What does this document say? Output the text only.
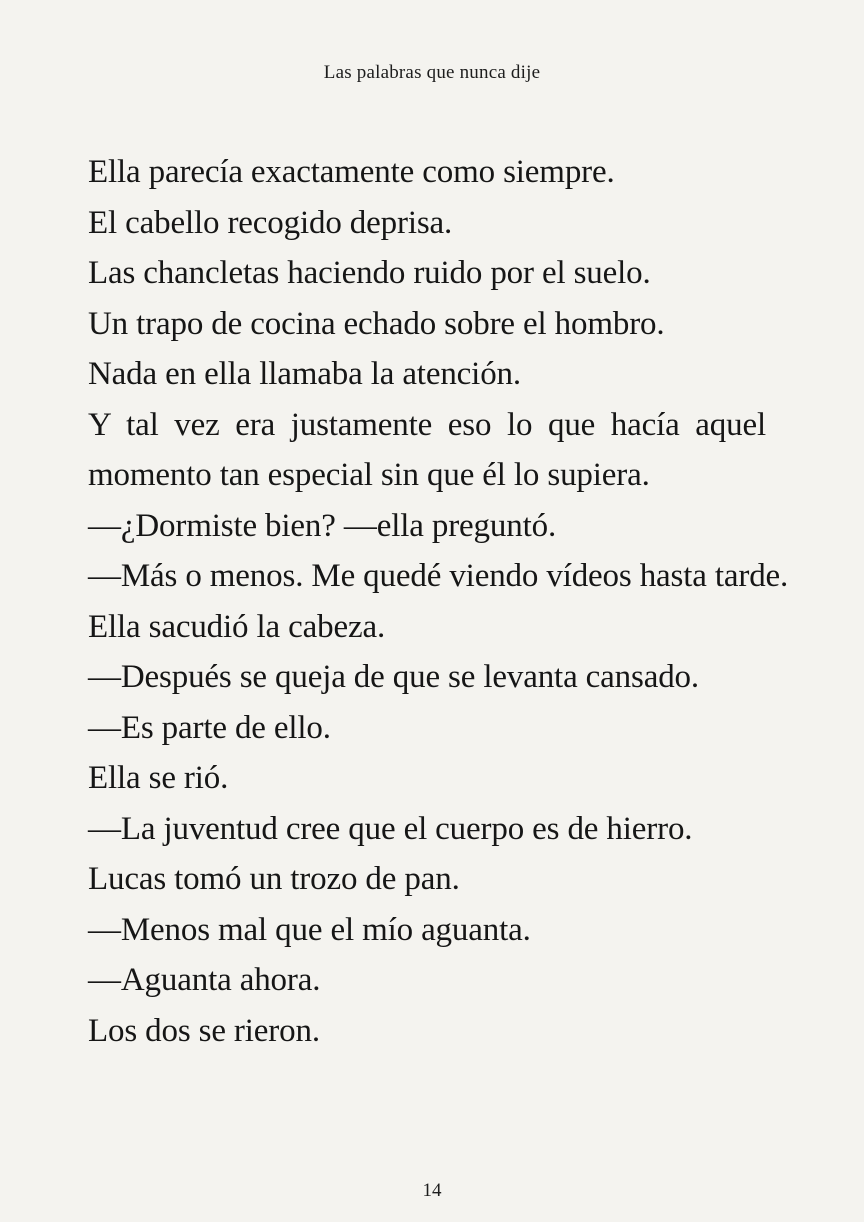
Las palabras que nunca dije
Ella parecía exactamente como siempre.
El cabello recogido deprisa.
Las chancletas haciendo ruido por el suelo.
Un trapo de cocina echado sobre el hombro.
Nada en ella llamaba la atención.
Y tal vez era justamente eso lo que hacía aquel
momento tan especial sin que él lo supiera.
—¿Dormiste bien? —ella preguntó.
—Más o menos. Me quedé viendo vídeos hasta tarde.
Ella sacudió la cabeza.
—Después se queja de que se levanta cansado.
—Es parte de ello.
Ella se rió.
—La juventud cree que el cuerpo es de hierro.
Lucas tomó un trozo de pan.
—Menos mal que el mío aguanta.
—Aguanta ahora.
Los dos se rieron.
14
